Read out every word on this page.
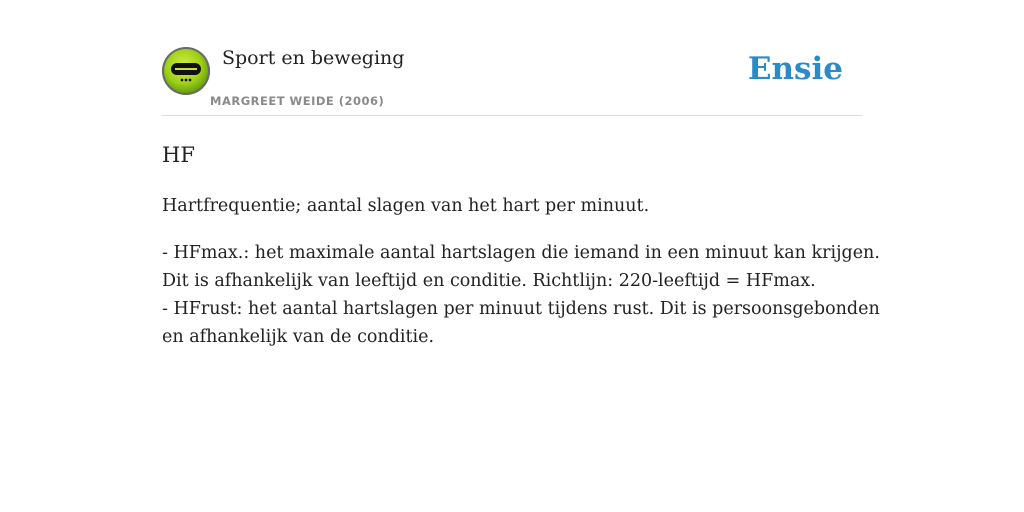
Sport en beweging
MARGREET WEIDE (2006)
Ensie
HF

Hartfrequentie; aantal slagen van het hart per minuut.

- HFmax.: het maximale aantal hartslagen die iemand in een minuut kan krijgen.
Dit is afhankelijk van leeftijd en conditie. Richtlijn: 220-leeftijd = HFmax.
- HFrust: het aantal hartslagen per minuut tijdens rust. Dit is persoonsgebonden
en afhankelijk van de conditie.
